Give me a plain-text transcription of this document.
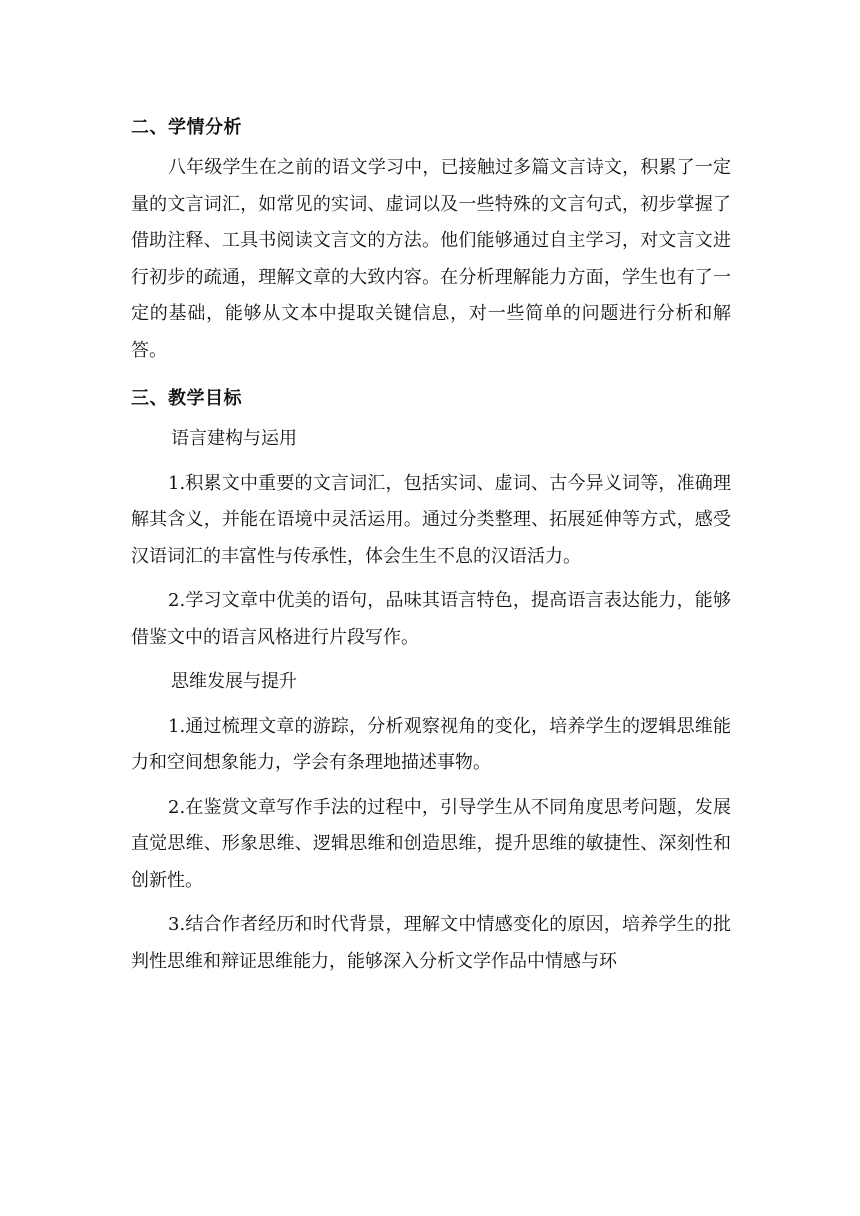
二、学情分析

八年级学生在之前的语文学习中，已接触过多篇文言诗文，积累了一定量的文言词汇，如常见的实词、虚词以及一些特殊的文言句式，初步掌握了借助注释、工具书阅读文言文的方法。他们能够通过自主学习，对文言文进行初步的疏通，理解文章的大致内容。在分析理解能力方面，学生也有了一定的基础，能够从文本中提取关键信息，对一些简单的问题进行分析和解答。

三、教学目标
语言建构与运用

1.积累文中重要的文言词汇，包括实词、虚词、古今异义词等，准确理解其含义，并能在语境中灵活运用。通过分类整理、拓展延伸等方式，感受汉语词汇的丰富性与传承性，体会生生不息的汉语活力。

2.学习文章中优美的语句，品味其语言特色，提高语言表达能力，能够借鉴文中的语言风格进行片段写作。

思维发展与提升

1.通过梳理文章的游踪，分析观察视角的变化，培养学生的逻辑思维能力和空间想象能力，学会有条理地描述事物。

2.在鉴赏文章写作手法的过程中，引导学生从不同角度思考问题，发展直觉思维、形象思维、逻辑思维和创造思维，提升思维的敏捷性、深刻性和创新性。

3.结合作者经历和时代背景，理解文中情感变化的原因，培养学生的批判性思维和辩证思维能力，能够深入分析文学作品中情感与环
